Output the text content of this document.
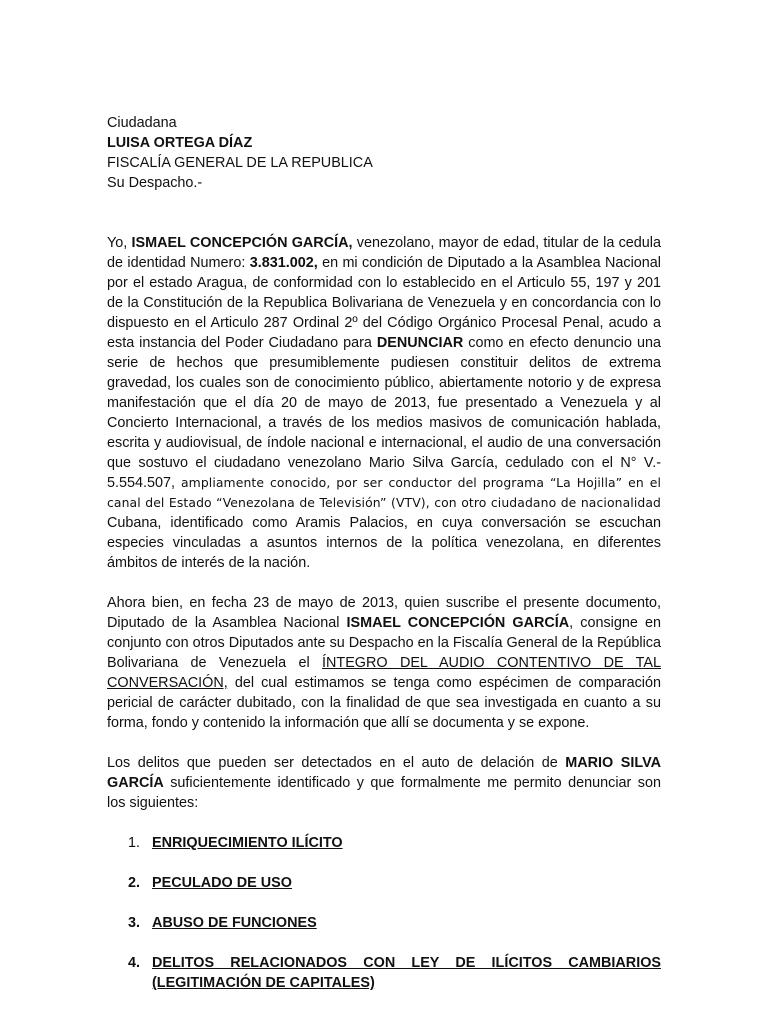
Ciudadana
LUISA ORTEGA DÍAZ
FISCALÍA GENERAL DE LA REPUBLICA
Su Despacho.-

Yo, ISMAEL CONCEPCIÓN GARCÍA, venezolano, mayor de edad, titular de la cedula de identidad Numero: 3.831.002, en mi condición de Diputado a la Asamblea Nacional por el estado Aragua, de conformidad con lo establecido en el Articulo 55, 197 y 201 de la Constitución de la Republica Bolivariana de Venezuela y en concordancia con lo dispuesto en el Articulo 287 Ordinal 2º del Código Orgánico Procesal Penal, acudo a esta instancia del Poder Ciudadano para DENUNCIAR como en efecto denuncio una serie de hechos que presumiblemente pudiesen constituir delitos de extrema gravedad, los cuales son de conocimiento público, abiertamente notorio y de expresa manifestación que el día 20 de mayo de 2013, fue presentado a Venezuela y al Concierto Internacional, a través de los medios masivos de comunicación hablada, escrita y audiovisual, de índole nacional e internacional, el audio de una conversación que sostuvo el ciudadano venezolano Mario Silva García, cedulado con el N° V.- 5.554.507, ampliamente conocido, por ser conductor del programa “La Hojilla” en el canal del Estado “Venezolana de Televisión” (VTV), con otro ciudadano de nacionalidad Cubana, identificado como Aramis Palacios, en cuya conversación se escuchan especies vinculadas a asuntos internos de la política venezolana, en diferentes ámbitos de interés de la nación.

Ahora bien, en fecha 23 de mayo de 2013, quien suscribe el presente documento, Diputado de la Asamblea Nacional ISMAEL CONCEPCIÓN GARCÍA, consigne en conjunto con otros Diputados ante su Despacho en la Fiscalía General de la República Bolivariana de Venezuela el ÍNTEGRO DEL AUDIO CONTENTIVO DE TAL CONVERSACIÓN, del cual estimamos se tenga como espécimen de comparación pericial de carácter dubitado, con la finalidad de que sea investigada en cuanto a su forma, fondo y contenido la información que allí se documenta y se expone.

Los delitos que pueden ser detectados en el auto de delación de MARIO SILVA GARCÍA suficientemente identificado y que formalmente me permito denunciar son los siguientes:

1. ENRIQUECIMIENTO ILÍCITO
2. PECULADO DE USO
3. ABUSO DE FUNCIONES
4. DELITOS RELACIONADOS CON LEY DE ILÍCITOS CAMBIARIOS (LEGITIMACIÓN DE CAPITALES)
